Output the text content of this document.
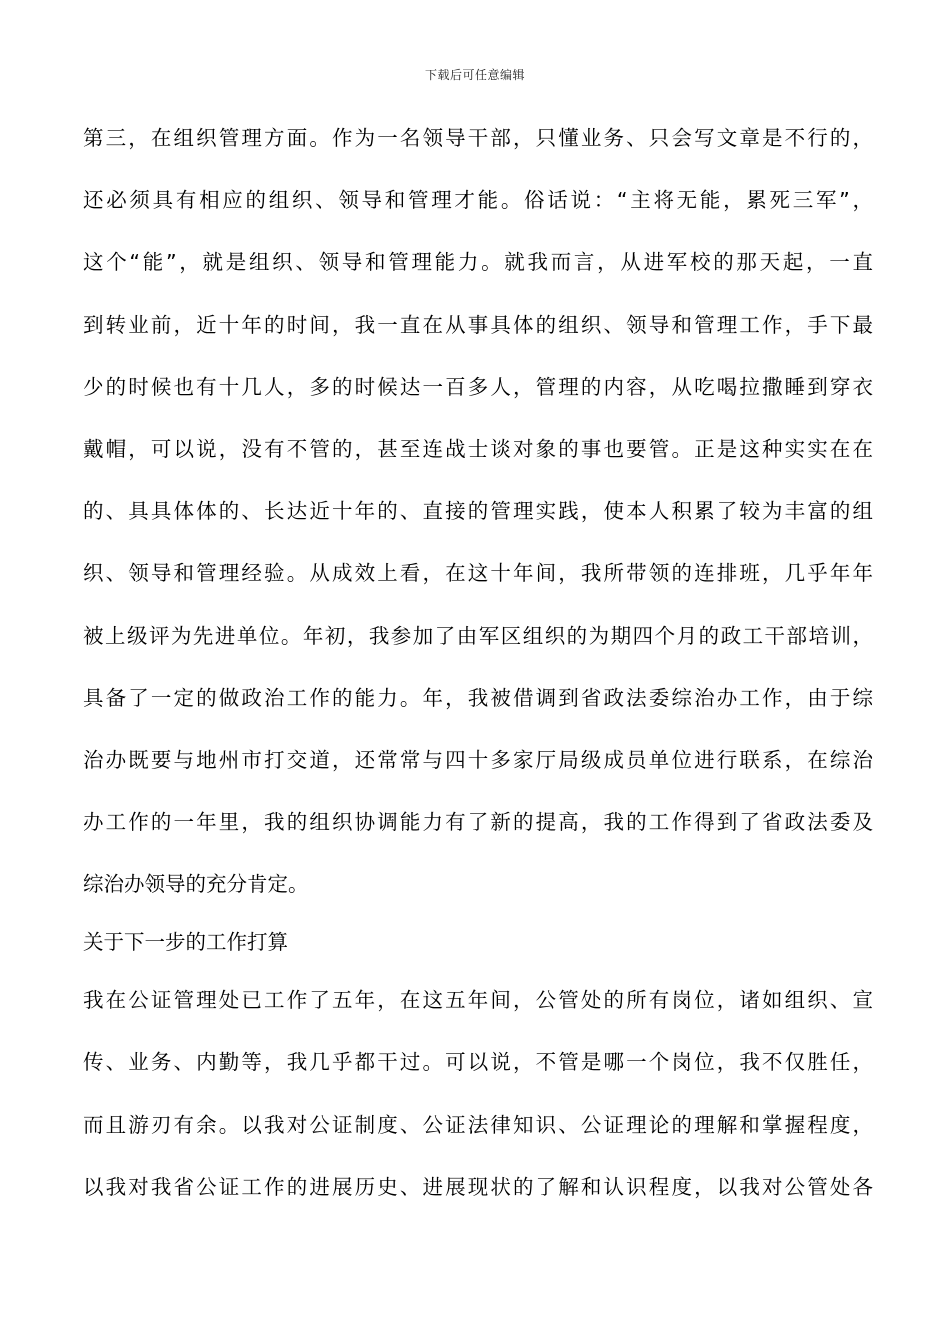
下载后可任意编辑
第三，在组织管理方面。作为一名领导干部，只懂业务、只会写文章是不行的，
还必须具有相应的组织、领导和管理才能。俗话说：“主将无能，累死三军”，
这个“能”，就是组织、领导和管理能力。就我而言，从进军校的那天起，一直
到转业前，近十年的时间，我一直在从事具体的组织、领导和管理工作，手下最
少的时候也有十几人，多的时候达一百多人，管理的内容，从吃喝拉撒睡到穿衣
戴帽，可以说，没有不管的，甚至连战士谈对象的事也要管。正是这种实实在在
的、具具体体的、长达近十年的、直接的管理实践，使本人积累了较为丰富的组
织、领导和管理经验。从成效上看，在这十年间，我所带领的连排班，几乎年年
被上级评为先进单位。年初，我参加了由军区组织的为期四个月的政工干部培训，
具备了一定的做政治工作的能力。年，我被借调到省政法委综治办工作，由于综
治办既要与地州市打交道，还常常与四十多家厅局级成员单位进行联系，在综治
办工作的一年里，我的组织协调能力有了新的提高，我的工作得到了省政法委及
综治办领导的充分肯定。
关于下一步的工作打算
我在公证管理处已工作了五年，在这五年间，公管处的所有岗位，诸如组织、宣
传、业务、内勤等，我几乎都干过。可以说，不管是哪一个岗位，我不仅胜任，
而且游刃有余。以我对公证制度、公证法律知识、公证理论的理解和掌握程度，
以我对我省公证工作的进展历史、进展现状的了解和认识程度，以我对公管处各
